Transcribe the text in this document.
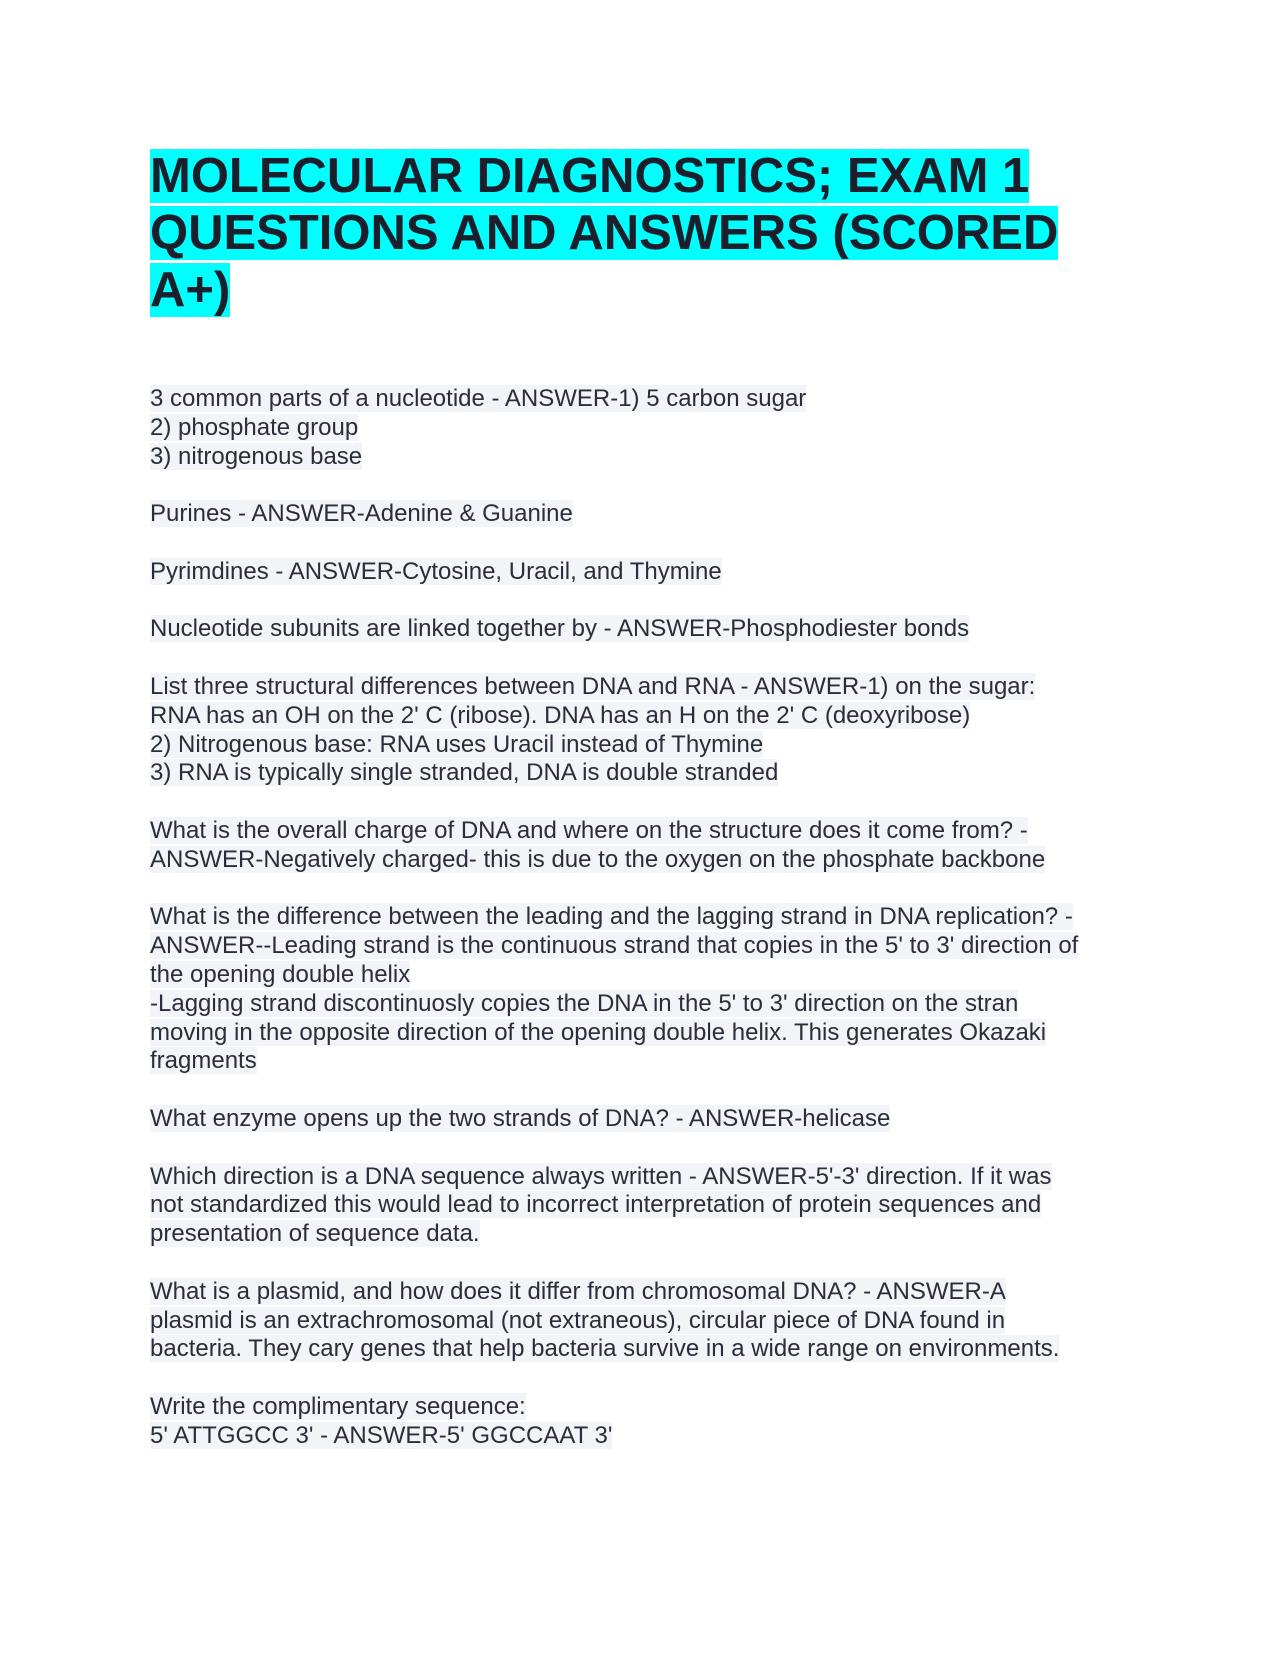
MOLECULAR DIAGNOSTICS; EXAM 1 QUESTIONS AND ANSWERS (SCORED A+)

3 common parts of a nucleotide - ANSWER-1) 5 carbon sugar
2) phosphate group
3) nitrogenous base

Purines - ANSWER-Adenine & Guanine

Pyrimdines - ANSWER-Cytosine, Uracil, and Thymine

Nucleotide subunits are linked together by - ANSWER-Phosphodiester bonds

List three structural differences between DNA and RNA - ANSWER-1) on the sugar:
RNA has an OH on the 2' C (ribose). DNA has an H on the 2' C (deoxyribose)
2) Nitrogenous base: RNA uses Uracil instead of Thymine
3) RNA is typically single stranded, DNA is double stranded

What is the overall charge of DNA and where on the structure does it come from? -
ANSWER-Negatively charged- this is due to the oxygen on the phosphate backbone

What is the difference between the leading and the lagging strand in DNA replication? -
ANSWER--Leading strand is the continuous strand that copies in the 5' to 3' direction of
the opening double helix
-Lagging strand discontinuosly copies the DNA in the 5' to 3' direction on the stran
moving in the opposite direction of the opening double helix. This generates Okazaki
fragments

What enzyme opens up the two strands of DNA? - ANSWER-helicase

Which direction is a DNA sequence always written - ANSWER-5'-3' direction. If it was
not standardized this would lead to incorrect interpretation of protein sequences and
presentation of sequence data.

What is a plasmid, and how does it differ from chromosomal DNA? - ANSWER-A
plasmid is an extrachromosomal (not extraneous), circular piece of DNA found in
bacteria. They cary genes that help bacteria survive in a wide range on environments.

Write the complimentary sequence:
5' ATTGGCC 3' - ANSWER-5' GGCCAAT 3'
